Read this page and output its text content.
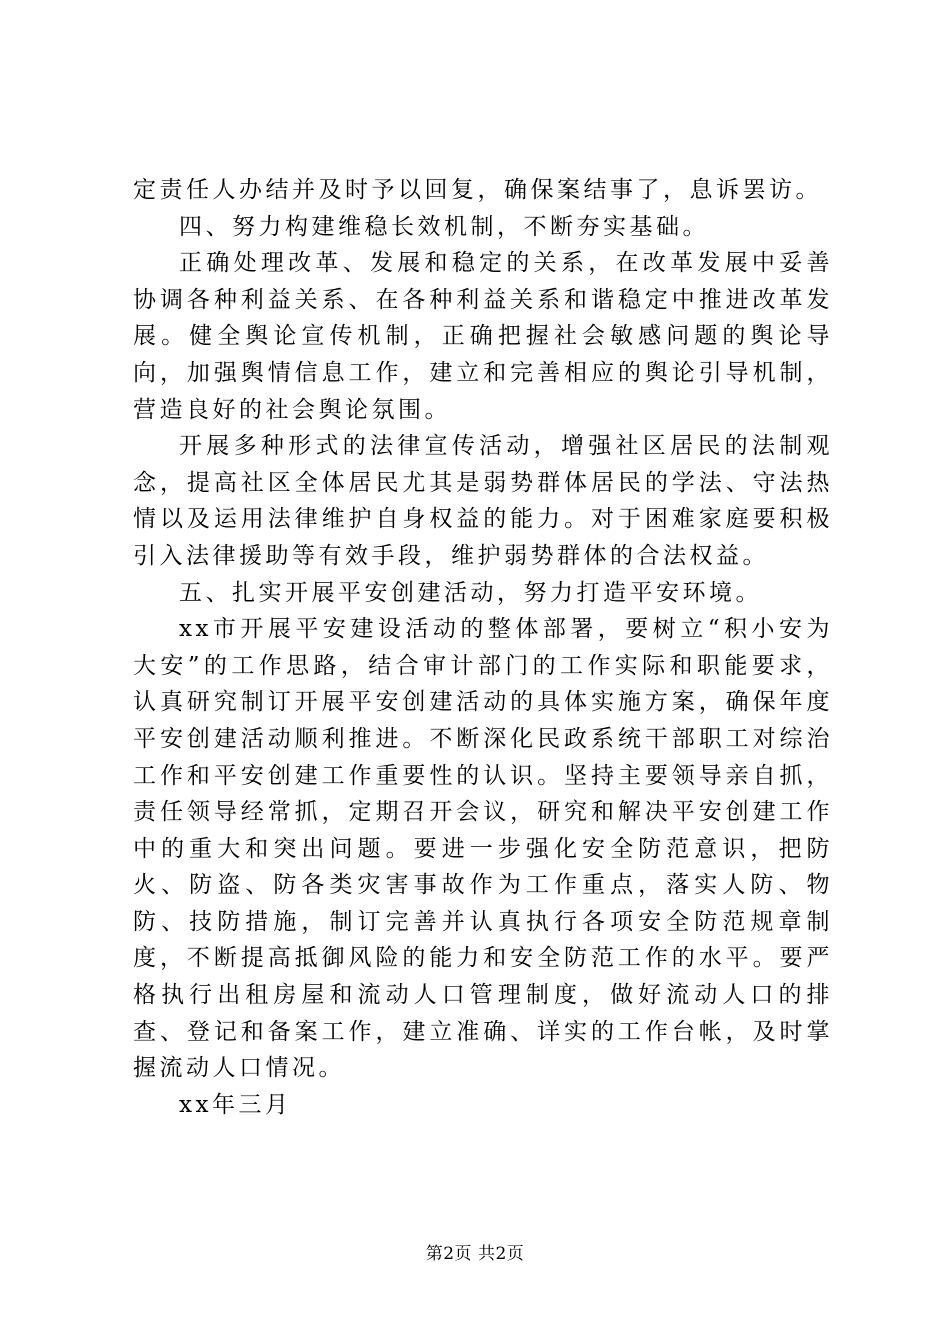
定责任人办结并及时予以回复，确保案结事了，息诉罢访。

四、努力构建维稳长效机制，不断夯实基础。

正确处理改革、发展和稳定的关系，在改革发展中妥善协调各种利益关系、在各种利益关系和谐稳定中推进改革发展。健全舆论宣传机制，正确把握社会敏感问题的舆论导向，加强舆情信息工作，建立和完善相应的舆论引导机制，营造良好的社会舆论氛围。

开展多种形式的法律宣传活动，增强社区居民的法制观念，提高社区全体居民尤其是弱势群体居民的学法、守法热情以及运用法律维护自身权益的能力。对于困难家庭要积极引入法律援助等有效手段，维护弱势群体的合法权益。

五、扎实开展平安创建活动，努力打造平安环境。

xx市开展平安建设活动的整体部署，要树立“积小安为大安”的工作思路，结合审计部门的工作实际和职能要求，认真研究制订开展平安创建活动的具体实施方案，确保年度平安创建活动顺利推进。不断深化民政系统干部职工对综治工作和平安创建工作重要性的认识。坚持主要领导亲自抓，责任领导经常抓，定期召开会议，研究和解决平安创建工作中的重大和突出问题。要进一步强化安全防范意识，把防火、防盗、防各类灾害事故作为工作重点，落实人防、物防、技防措施，制订完善并认真执行各项安全防范规章制度，不断提高抵御风险的能力和安全防范工作的水平。要严格执行出租房屋和流动人口管理制度，做好流动人口的排查、登记和备案工作，建立准确、详实的工作台帐，及时掌握流动人口情况。

xx年三月

第2页 共2页
